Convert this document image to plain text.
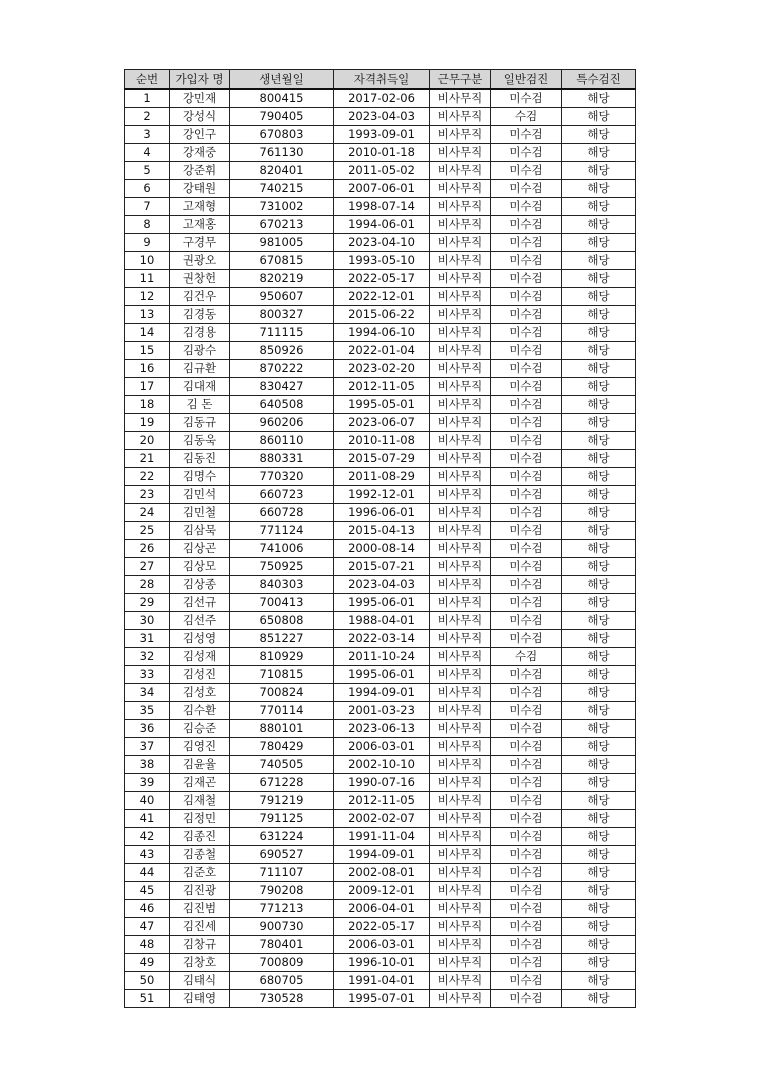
순번	가입자 명	생년월일	자격취득일	근무구분	일반검진	특수검진
1	강민재	800415	2017-02-06	비사무직	미수검	해당
2	강성식	790405	2023-04-03	비사무직	수검	해당
3	강인구	670803	1993-09-01	비사무직	미수검	해당
4	강재중	761130	2010-01-18	비사무직	미수검	해당
5	강준휘	820401	2011-05-02	비사무직	미수검	해당
6	강태원	740215	2007-06-01	비사무직	미수검	해당
7	고재형	731002	1998-07-14	비사무직	미수검	해당
8	고재홍	670213	1994-06-01	비사무직	미수검	해당
9	구경무	981005	2023-04-10	비사무직	미수검	해당
10	권광오	670815	1993-05-10	비사무직	미수검	해당
11	권창헌	820219	2022-05-17	비사무직	미수검	해당
12	김건우	950607	2022-12-01	비사무직	미수검	해당
13	김경동	800327	2015-06-22	비사무직	미수검	해당
14	김경용	711115	1994-06-10	비사무직	미수검	해당
15	김광수	850926	2022-01-04	비사무직	미수검	해당
16	김규환	870222	2023-02-20	비사무직	미수검	해당
17	김대재	830427	2012-11-05	비사무직	미수검	해당
18	김 돈	640508	1995-05-01	비사무직	미수검	해당
19	김동규	960206	2023-06-07	비사무직	미수검	해당
20	김동욱	860110	2010-11-08	비사무직	미수검	해당
21	김동진	880331	2015-07-29	비사무직	미수검	해당
22	김명수	770320	2011-08-29	비사무직	미수검	해당
23	김민석	660723	1992-12-01	비사무직	미수검	해당
24	김민철	660728	1996-06-01	비사무직	미수검	해당
25	김삼묵	771124	2015-04-13	비사무직	미수검	해당
26	김상곤	741006	2000-08-14	비사무직	미수검	해당
27	김상모	750925	2015-07-21	비사무직	미수검	해당
28	김상종	840303	2023-04-03	비사무직	미수검	해당
29	김선규	700413	1995-06-01	비사무직	미수검	해당
30	김선주	650808	1988-04-01	비사무직	미수검	해당
31	김성영	851227	2022-03-14	비사무직	미수검	해당
32	김성재	810929	2011-10-24	비사무직	수검	해당
33	김성진	710815	1995-06-01	비사무직	미수검	해당
34	김성호	700824	1994-09-01	비사무직	미수검	해당
35	김수환	770114	2001-03-23	비사무직	미수검	해당
36	김승준	880101	2023-06-13	비사무직	미수검	해당
37	김영진	780429	2006-03-01	비사무직	미수검	해당
38	김윤율	740505	2002-10-10	비사무직	미수검	해당
39	김재곤	671228	1990-07-16	비사무직	미수검	해당
40	김재철	791219	2012-11-05	비사무직	미수검	해당
41	김정민	791125	2002-02-07	비사무직	미수검	해당
42	김종진	631224	1991-11-04	비사무직	미수검	해당
43	김종철	690527	1994-09-01	비사무직	미수검	해당
44	김준호	711107	2002-08-01	비사무직	미수검	해당
45	김진광	790208	2009-12-01	비사무직	미수검	해당
46	김진범	771213	2006-04-01	비사무직	미수검	해당
47	김진세	900730	2022-05-17	비사무직	미수검	해당
48	김창규	780401	2006-03-01	비사무직	미수검	해당
49	김창호	700809	1996-10-01	비사무직	미수검	해당
50	김태식	680705	1991-04-01	비사무직	미수검	해당
51	김태영	730528	1995-07-01	비사무직	미수검	해당
